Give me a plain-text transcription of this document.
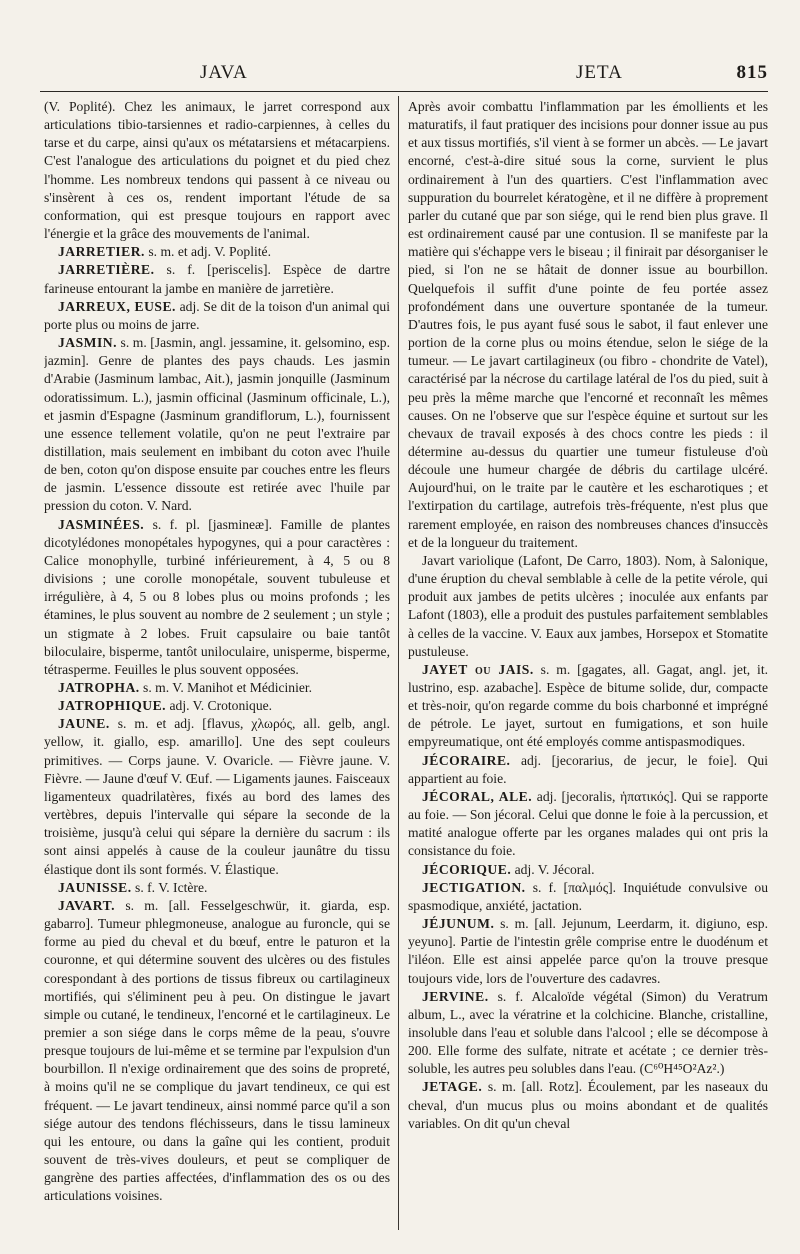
JAVA	JETA	815

(V. Poplité). Chez les animaux, le jarret correspond aux articulations tibio-tarsiennes et radio-carpiennes, à celles du tarse et du carpe, ainsi qu'aux os métatarsiens et métacarpiens. C'est l'analogue des articulations du poignet et du pied chez l'homme. Les nombreux tendons qui passent à ce niveau ou s'insèrent à ces os, rendent important l'étude de sa conformation, qui est presque toujours en rapport avec l'énergie et la grâce des mouvements de l'animal.

JARRETIER. s. m. et adj. V. Poplité.

JARRETIÈRE. s. f. [periscelis]. Espèce de dartre farineuse entourant la jambe en manière de jarretière.

JARREUX, EUSE. adj. Se dit de la toison d'un animal qui porte plus ou moins de jarre.

JASMIN. s. m. [Jasmin, angl. jessamine, it. gelsomino, esp. jazmin]. Genre de plantes des pays chauds. Les jasmin d'Arabie (Jasminum lambac, Ait.), jasmin jonquille (Jasminum odoratissimum. L.), jasmin officinal (Jasminum officinale, L.), et jasmin d'Espagne (Jasminum grandiflorum, L.), fournissent une essence tellement volatile, qu'on ne peut l'extraire par distillation, mais seulement en imbibant du coton avec l'huile de ben, coton qu'on dispose ensuite par couches entre les fleurs de jasmin. L'essence dissoute est retirée avec l'huile par pression du coton. V. Nard.

JASMINÉES. s. f. pl. [jasmineæ]. Famille de plantes dicotylédones monopétales hypogynes, qui a pour caractères : Calice monophylle, turbiné inférieurement, à 4, 5 ou 8 divisions ; une corolle monopétale, souvent tubuleuse et irrégulière, à 4, 5 ou 8 lobes plus ou moins profonds ; les étamines, le plus souvent au nombre de 2 seulement ; un style ; un stigmate à 2 lobes. Fruit capsulaire ou baie tantôt biloculaire, bisperme, tantôt uniloculaire, unisperme, bisperme, tétrasperme. Feuilles le plus souvent opposées.

JATROPHA. s. m. V. Manihot et Médicinier.

JATROPHIQUE. adj. V. Crotonique.

JAUNE. s. m. et adj. [flavus, χλωρός, all. gelb, angl. yellow, it. giallo, esp. amarillo]. Une des sept couleurs primitives. — Corps jaune. V. Ovaricle. — Fièvre jaune. V. Fièvre. — Jaune d'œuf V. Œuf. — Ligaments jaunes. Faisceaux ligamenteux quadrilatères, fixés au bord des lames des vertèbres, depuis l'intervalle qui sépare la seconde de la troisième, jusqu'à celui qui sépare la dernière du sacrum : ils sont ainsi appelés à cause de la couleur jaunâtre du tissu élastique dont ils sont formés. V. Élastique.

JAUNISSE. s. f. V. Ictère.

JAVART. s. m. [all. Fesselgeschwür, it. giarda, esp. gabarro]. Tumeur phlegmoneuse, analogue au furoncle, qui se forme au pied du cheval et du bœuf, entre le paturon et la couronne, et qui détermine souvent des ulcères ou des fistules corespondant à des portions de tissus fibreux ou cartilagineux mortifiés, qui s'éliminent peu à peu. On distingue le javart simple ou cutané, le tendineux, l'encorné et le cartilagineux. Le premier a son siége dans le corps même de la peau, s'ouvre presque toujours de lui-même et se termine par l'expulsion d'un bourbillon. Il n'exige ordinairement que des soins de propreté, à moins qu'il ne se complique du javart tendineux, ce qui est fréquent. — Le javart tendineux, ainsi nommé parce qu'il a son siége autour des tendons fléchisseurs, dans le tissu lamineux qui les entoure, ou dans la gaîne qui les contient, produit souvent de très-vives douleurs, et peut se compliquer de gangrène des parties affectées, d'inflammation des os ou des articulations voisines.

Après avoir combattu l'inflammation par les émollients et les maturatifs, il faut pratiquer des incisions pour donner issue au pus et aux tissus mortifiés, s'il vient à se former un abcès. — Le javart encorné, c'est-à-dire situé sous la corne, survient le plus ordinairement à l'un des quartiers. C'est l'inflammation avec suppuration du bourrelet kératogène, et il ne diffère à proprement parler du cutané que par son siége, qui le rend bien plus grave. Il est ordinairement causé par une contusion. Il se manifeste par la matière qui s'échappe vers le biseau ; il finirait par désorganiser le pied, si l'on ne se hâtait de donner issue au bourbillon. Quelquefois il suffit d'une pointe de feu portée assez profondément dans une ouverture spontanée de la tumeur. D'autres fois, le pus ayant fusé sous le sabot, il faut enlever une portion de la corne plus ou moins étendue, selon le siége de la tumeur. — Le javart cartilagineux (ou fibro - chondrite de Vatel), caractérisé par la nécrose du cartilage latéral de l'os du pied, suit à peu près la même marche que l'encorné et reconnaît les mêmes causes. On ne l'observe que sur l'espèce équine et surtout sur les chevaux de travail exposés à des chocs contre les pieds : il détermine au-dessus du quartier une tumeur fistuleuse d'où découle une humeur chargée de débris du cartilage ulcéré. Aujourd'hui, on le traite par le cautère et les escharotiques ; et l'extirpation du cartilage, autrefois très-fréquente, n'est plus que rarement employée, en raison des nombreuses chances d'insuccès et de la longueur du traitement.

Javart variolique (Lafont, De Carro, 1803). Nom, à Salonique, d'une éruption du cheval semblable à celle de la petite vérole, qui produit aux jambes de petits ulcères ; inoculée aux enfants par Lafont (1803), elle a produit des pustules parfaitement semblables à celles de la vaccine. V. Eaux aux jambes, Horsepox et Stomatite pustuleuse.

JAYET ou JAIS. s. m. [gagates, all. Gagat, angl. jet, it. lustrino, esp. azabache]. Espèce de bitume solide, dur, compacte et très-noir, qu'on regarde comme du bois charbonné et imprégné de pétrole. Le jayet, surtout en fumigations, et son huile empyreumatique, ont été employés comme antispasmodiques.

JÉCORAIRE. adj. [jecorarius, de jecur, le foie]. Qui appartient au foie.

JÉCORAL, ALE. adj. [jecoralis, ἡπατικός]. Qui se rapporte au foie. — Son jécoral. Celui que donne le foie à la percussion, et matité analogue offerte par les organes malades qui ont pris la consistance du foie.

JÉCORIQUE. adj. V. Jécoral.

JECTIGATION. s. f. [παλμός]. Inquiétude convulsive ou spasmodique, anxiété, jactation.

JÉJUNUM. s. m. [all. Jejunum, Leerdarm, it. digiuno, esp. yeyuno]. Partie de l'intestin grêle comprise entre le duodénum et l'iléon. Elle est ainsi appelée parce qu'on la trouve presque toujours vide, lors de l'ouverture des cadavres.

JERVINE. s. f. Alcaloïde végétal (Simon) du Veratrum album, L., avec la vératrine et la colchicine. Blanche, cristalline, insoluble dans l'eau et soluble dans l'alcool ; elle se décompose à 200. Elle forme des sulfate, nitrate et acétate ; ce dernier très-soluble, les autres peu solubles dans l'eau. (C⁶⁰H⁴⁵O²Az².)

JETAGE. s. m. [all. Rotz]. Écoulement, par les naseaux du cheval, d'un mucus plus ou moins abondant et de qualités variables. On dit qu'un cheval
